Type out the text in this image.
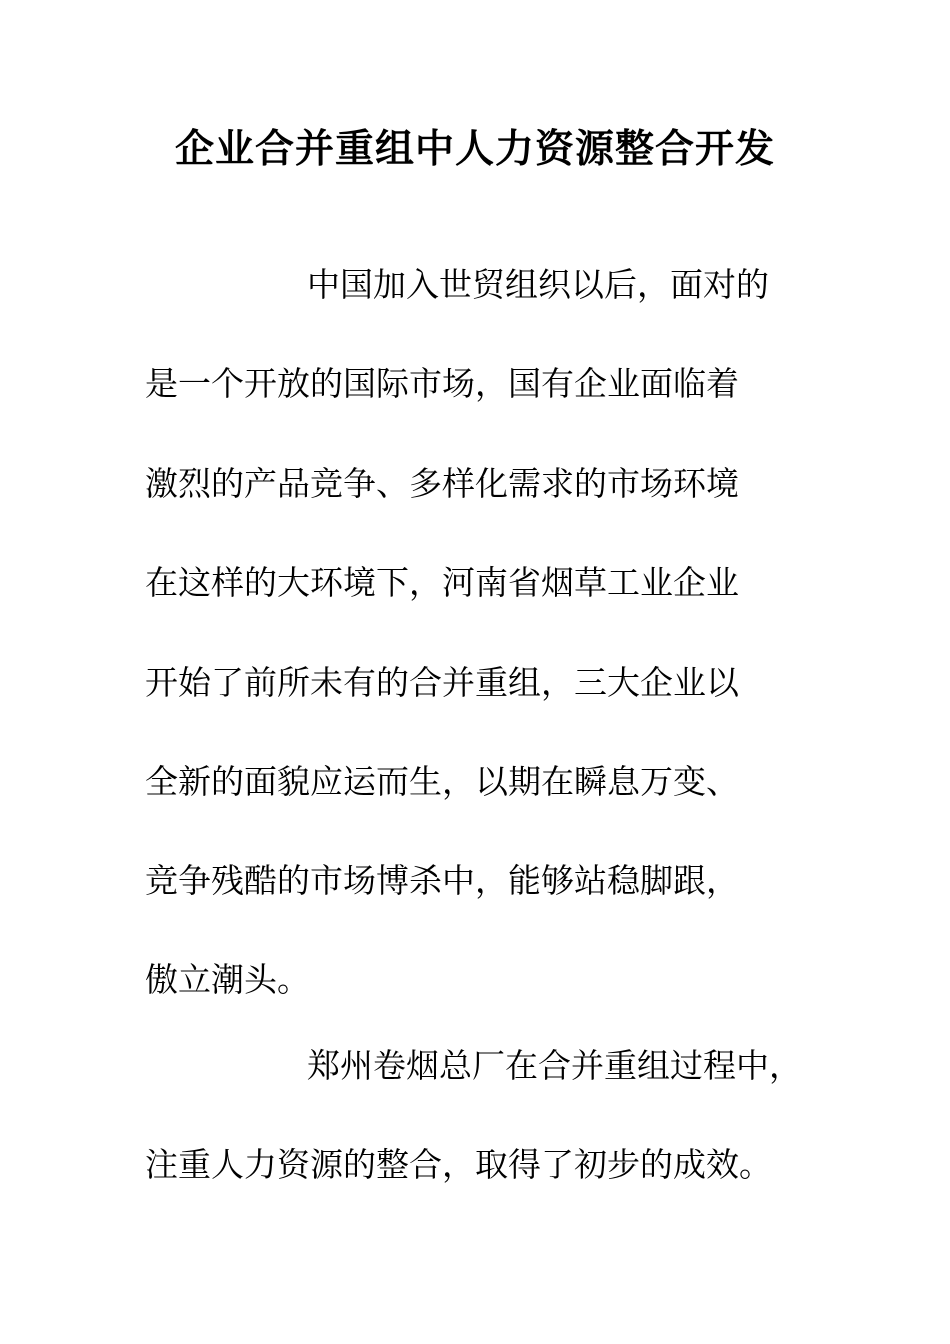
企业合并重组中人力资源整合开发

中国加入世贸组织以后，面对的

是一个开放的国际市场，国有企业面临着

激烈的产品竞争、多样化需求的市场环境

在这样的大环境下，河南省烟草工业企业

开始了前所未有的合并重组，三大企业以

全新的面貌应运而生，以期在瞬息万变、

竞争残酷的市场博杀中，能够站稳脚跟，

傲立潮头。

郑州卷烟总厂在合并重组过程中，

注重人力资源的整合，取得了初步的成效。
